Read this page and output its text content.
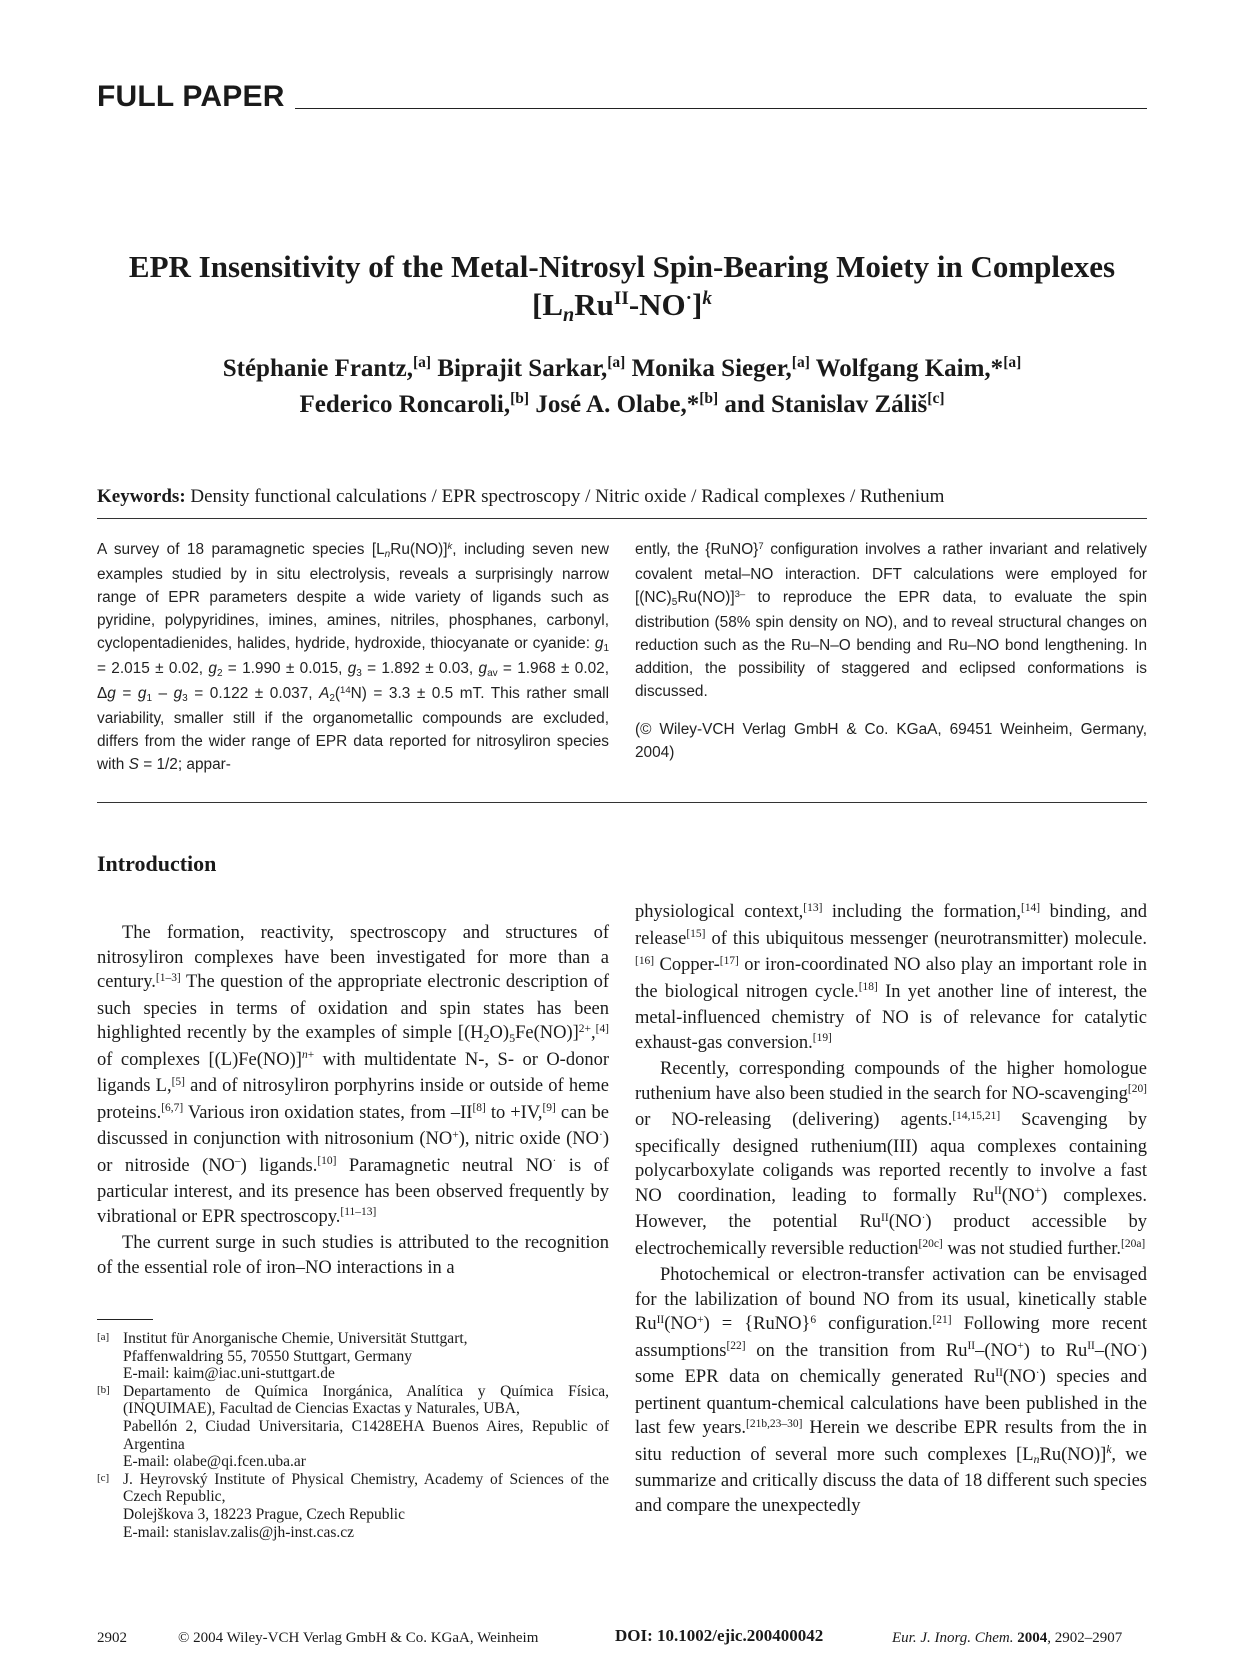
FULL PAPER
EPR Insensitivity of the Metal-Nitrosyl Spin-Bearing Moiety in Complexes
$[L_nRu^{II}-NO^\cdot]^k$
Stéphanie Frantz,[a] Biprajit Sarkar,[a] Monika Sieger,[a] Wolfgang Kaim,*[a]
Federico Roncaroli,[b] José A. Olabe,*[b] and Stanislav Záliš[c]
Keywords: Density functional calculations / EPR spectroscopy / Nitric oxide / Radical complexes / Ruthenium

A survey of 18 paramagnetic species $[L_nRu(NO)]^k$, including seven new examples studied by in situ electrolysis, reveals a surprisingly narrow range of EPR parameters despite a wide variety of ligands such as pyridine, polypyridines, imines, amines, nitriles, phosphanes, carbonyl, cyclopentadienides, halides, hydride, hydroxide, thiocyanate or cyanide: $g_1 = 2.015 \pm 0.02$, $g_2 = 1.990 \pm 0.015$, $g_3 = 1.892 \pm 0.03$, $g_{av} = 1.968 \pm 0.02$, $\Delta g = g_1 - g_3 = 0.122 \pm 0.037$, $A_2(^{14}N) = 3.3 \pm 0.5$ mT. This rather small variability, smaller still if the organometallic compounds are excluded, differs from the wider range of EPR data reported for nitrosyliron species with S = 1/2; appar-

ently, the {RuNO}$^7$ configuration involves a rather invariant and relatively covalent metal–NO interaction. DFT calculations were employed for $[(NC)_5Ru(NO)]^{3-}$ to reproduce the EPR data, to evaluate the spin distribution (58% spin density on NO), and to reveal structural changes on reduction such as the Ru–N–O bending and Ru–NO bond lengthening. In addition, the possibility of staggered and eclipsed conformations is discussed.

(© Wiley-VCH Verlag GmbH & Co. KGaA, 69451 Weinheim, Germany, 2004)

Introduction

The formation, reactivity, spectroscopy and structures of nitrosyliron complexes have been investigated for more than a century.[1–3] The question of the appropriate electronic description of such species in terms of oxidation and spin states has been highlighted recently by the examples of simple $[(H_2O)_5Fe(NO)]^{2+},[4]$ of complexes $[(L)Fe(NO)]^{n+}$ with multidentate N-, S- or O-donor ligands L,[5] and of nitrosyliron porphyrins inside or outside of heme proteins.[6,7] Various iron oxidation states, from –II[8] to +IV,[9] can be discussed in conjunction with nitrosonium (NO+), nitric oxide (NO·) or nitroside (NO–) ligands.[10] Paramagnetic neutral NO· is of particular interest, and its presence has been observed frequently by vibrational or EPR spectroscopy.[11–13]

The current surge in such studies is attributed to the recognition of the essential role of iron–NO interactions in a

physiological context,[13] including the formation,[14] binding, and release[15] of this ubiquitous messenger (neurotransmitter) molecule.[16] Copper-[17] or iron-coordinated NO also play an important role in the biological nitrogen cycle.[18] In yet another line of interest, the metal-influenced chemistry of NO is of relevance for catalytic exhaust-gas conversion.[19]

Recently, corresponding compounds of the higher homologue ruthenium have also been studied in the search for NO-scavenging[20] or NO-releasing (delivering) agents.[14,15,21] Scavenging by specifically designed ruthenium(III) aqua complexes containing polycarboxylate coligands was reported recently to involve a fast NO coordination, leading to formally $Ru^{II}(NO^+)$ complexes. However, the potential $Ru^{II}(NO^\cdot)$ product accessible by electrochemically reversible reduction[20c] was not studied further.[20a]

Photochemical or electron-transfer activation can be envisaged for the labilization of bound NO from its usual, kinetically stable $Ru^{II}(NO^+)$ = {RuNO}$^6$ configuration.[21] Following more recent assumptions[22] on the transition from $Ru^{II}-(NO^+)$ to $Ru^{II}-(NO^\cdot)$ some EPR data on chemically generated $Ru^{II}(NO^\cdot)$ species and pertinent quantum-chemical calculations have been published in the last few years.[21b,23–30] Herein we describe EPR results from the in situ reduction of several more such complexes $[L_nRu(NO)]^k$, we summarize and critically discuss the data of 18 different such species and compare the unexpectedly

[a] Institut für Anorganische Chemie, Universität Stuttgart,
Pfaffenwaldring 55, 70550 Stuttgart, Germany
E-mail: kaim@iac.uni-stuttgart.de
[b] Departamento de Química Inorgánica, Analítica y Química Física, (INQUIMAE), Facultad de Ciencias Exactas y Naturales, UBA,
Pabellón 2, Ciudad Universitaria, C1428EHA Buenos Aires, Republic of Argentina
E-mail: olabe@qi.fcen.uba.ar
[c] J. Heyrovský Institute of Physical Chemistry, Academy of Sciences of the Czech Republic,
Dolejškova 3, 18223 Prague, Czech Republic
E-mail: stanislav.zalis@jh-inst.cas.cz
2902	© 2004 Wiley-VCH Verlag GmbH & Co. KGaA, Weinheim	DOI: 10.1002/ejic.200400042	Eur. J. Inorg. Chem. 2004, 2902–2907
